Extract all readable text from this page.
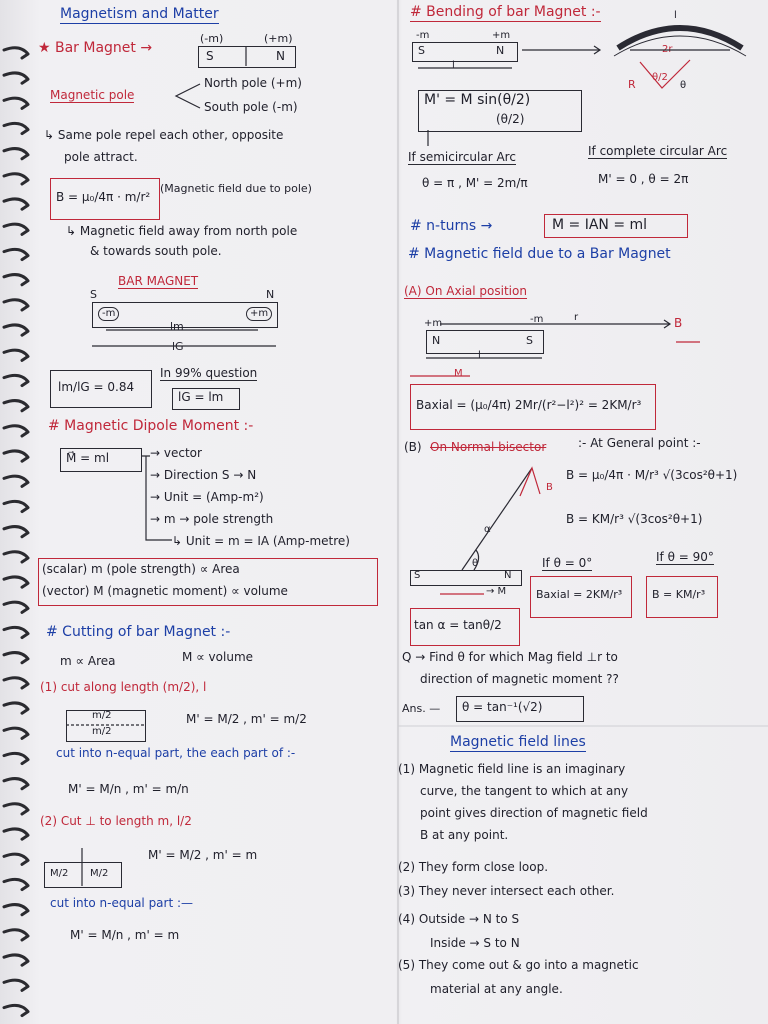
Magnetism and Matter
★ Bar Magnet →
(-m)	(+m)
S	N
Magnetic pole
North pole (+m)
South pole (-m)
↳ Same pole repel each other, opposite
pole attract.
B = μ₀/4π · m/r²
(Magnetic field due to pole)
↳ Magnetic field away from north pole
& towards south pole.
BAR MAGNET
S	N
-m	+m
lm
lG
lm/lG = 0.84
In 99% question
lG = lm
# Magnetic Dipole Moment :-
M⃗ = ml	→ vector
→ Direction S → N
→ Unit = (Amp-m²)
→ m → pole strength
↳ Unit = m = IA (Amp-metre)
(scalar) m (pole strength) ∝ Area
(vector) M (magnetic moment) ∝ volume
# Cutting of bar Magnet :-
m ∝ Area	M ∝ volume
(1) cut along length (m/2), l
m/2
m/2
M' = M/2 , m' = m/2
cut into n-equal part, the each part of :-
M' = M/n , m' = m/n
(2) Cut ⊥ to length m, l/2
M' = M/2 , m' = m
M/2 M/2
cut into n-equal part :—
M' = M/n , m' = m
# Bending of bar Magnet :-
-m	+m
S	N
l
l
2r
R	θ
θ/2
M' = M sin(θ/2)
(θ/2)
If semicircular Arc	If complete circular Arc
θ = π , M' = 2m/π	M' = 0 , θ = 2π
# n-turns →	M = IAN = ml
# Magnetic field due to a Bar Magnet
(A) On Axial position
+m	-m	r	B
N	S
l
M
Baxial = (μ₀/4π) 2Mr/(r²−l²)² = 2KM/r³
(B) On Normal bisector	:- At General point :-
B = μ₀/4π · M/r³ √(3cos²θ+1)
B = KM/r³ √(3cos²θ+1)
B
α
θ
S	N
→ M
If θ = 0°	If θ = 90°
Baxial = 2KM/r³	B = KM/r³
tan α = tanθ/2
Q → Find θ for which Mag field ⊥r to
direction of magnetic moment ??
Ans. — θ = tan⁻¹(√2)
Magnetic field lines
(1) Magnetic field line is an imaginary
curve, the tangent to which at any
point gives direction of magnetic field
B at any point.
(2) They form close loop.
(3) They never intersect each other.
(4) Outside → N to S
Inside → S to N
(5) They come out & go into a magnetic
material at any angle.
